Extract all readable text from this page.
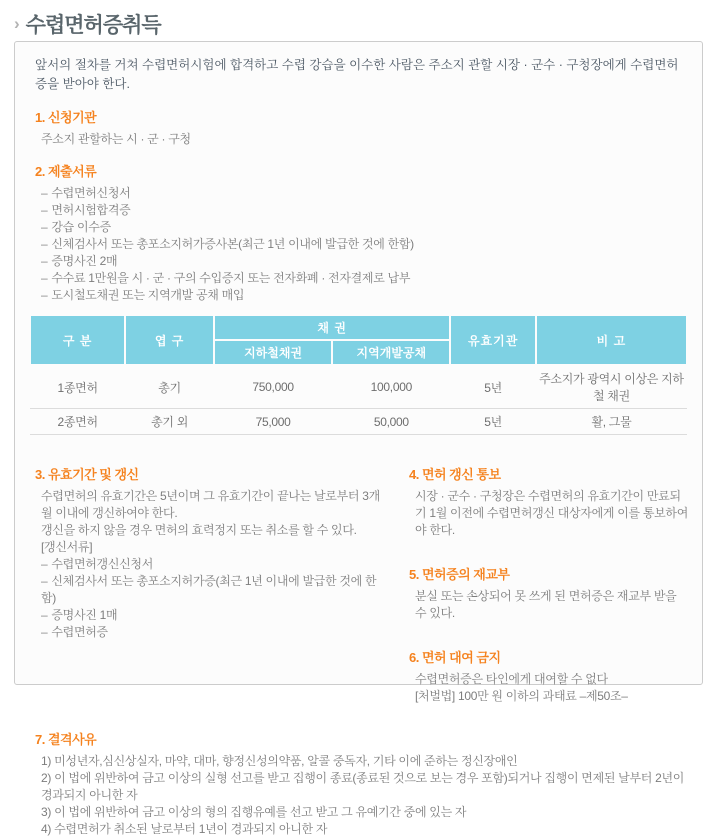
› 수렵면허증취득

앞서의 절차를 거쳐 수렵면허시험에 합격하고 수렵 강습을 이수한 사람은 주소지 관할 시장 · 군수 · 구청장에게 수렵면허증을 받아야 한다.

1. 신청기관
주소지 관할하는 시 · 군 · 구청
2. 제출서류
– 수렵면허신청서
– 면허시험합격증
– 강습 이수증
– 신체검사서 또는 총포소지허가증사본(최근 1년 이내에 발급한 것에 한함)
– 증명사진 2매
– 수수료 1만원을 시 · 군 · 구의 수입증지 또는 전자화폐 · 전자결제로 납부
– 도시철도채권 또는 지역개발 공채 매입
구 분	엽 구	채 권		유효기관	비 고
		지하철채권	지역개발공채		
1종면허	총기	750,000	100,000	5년	주소지가 광역시 이상은 지하철 채권
2종면허	총기 외	75,000	50,000	5년	활, 그물
3. 유효기간 및 갱신

수렵면허의 유효기간은 5년이며 그 유효기간이 끝나는 날로부터 3개월 이내에 갱신하여야 한다.

갱신을 하지 않을 경우 면허의 효력정지 또는 취소를 할 수 있다.

[갱신서류]

– 수렵면허갱신신청서
– 신체검사서 또는 총포소지허가증(최근 1년 이내에 발급한 것에 한함)
– 증명사진 1매
– 수렵면허증
4. 면허 갱신 통보
시장 · 군수 · 구청장은 수렵면허의 유효기간이 만료되기 1월 이전에 수렵면허갱신 대상자에게 이를 통보하여야 한다.
5. 면허증의 재교부
분실 또는 손상되어 못 쓰게 된 면허증은 재교부 받을 수 있다.
6. 면허 대여 금지
수렵면허증은 타인에게 대여할 수 없다
[처벌법] 100만 원 이하의 과태료 –제50조–
7. 결격사유
1) 미성년자,심신상실자, 마약, 대마, 향정신성의약품, 알콜 중독자, 기타 이에 준하는 정신장애인
2) 이 법에 위반하여 금고 이상의 실형 선고를 받고 집행이 종료(종료된 것으로 보는 경우 포함)되거나 집행이 면제된 날부터 2년이 경과되지 아니한 자
3) 이 법에 위반하여 금고 이상의 형의 집행유예를 선고 받고 그 유예기간 중에 있는 자
4) 수렵면허가 취소된 날로부터 1년이 경과되지 아니한 자
